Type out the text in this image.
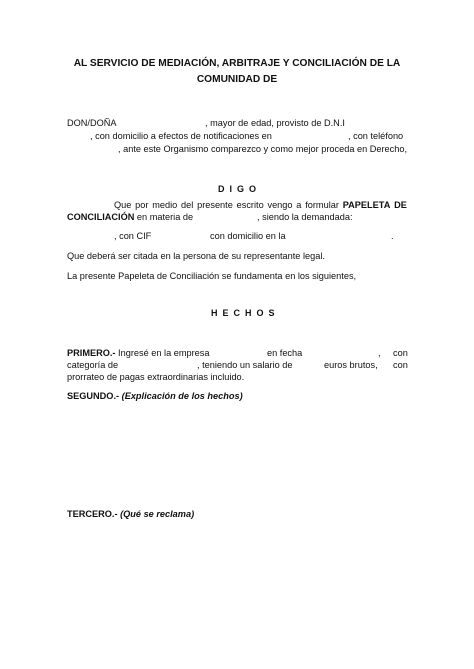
AL SERVICIO DE MEDIACIÓN, ARBITRAJE Y CONCILIACIÓN DE LA
COMUNIDAD DE
DON/DOÑA	, mayor de edad, provisto de D.N.I
, con domicilio a efectos de notificaciones en	, con teléfono
, ante este Organismo comparezco y como mejor proceda en Derecho,
DIGO
Que por medio del presente escrito vengo a formular PAPELETA DE
CONCILIACIÓN en materia de	, siendo la demandada:
, con CIF	con domicilio en la	.
Que deberá ser citada en la persona de su representante legal.
La presente Papeleta de Conciliación se fundamenta en los siguientes,
HECHOS
PRIMERO.- Ingresé en la empresa	en fecha	, con
categoría de	, teniendo un salario de	euros brutos, con
prorrateo de pagas extraordinarias incluido.
SEGUNDO.- (Explicación de los hechos)
TERCERO.- (Qué se reclama)
